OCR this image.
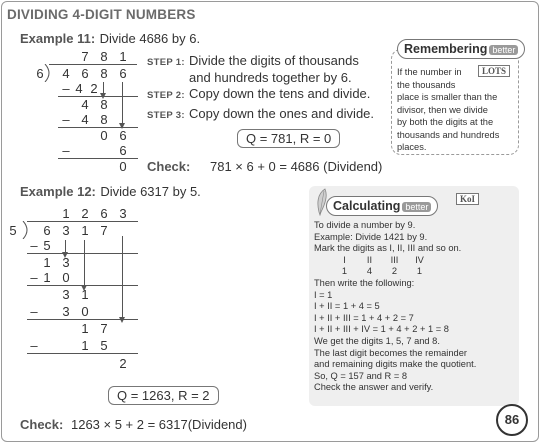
DIVIDING 4-DIGIT NUMBERS
Example 11: Divide 4686 by 6.
7 8 1
6 4 6 8 6
– 4 2
4 8
– 4 8
0 6
–	6
0
STEP 1: Divide the digits of thousands
and hundreds together by 6.
STEP 2: Copy down the tens and divide.
STEP 3: Copy down the ones and divide.
Q = 781, R = 0
Check: 781 × 6 + 0 = 4686 (Dividend)
Example 12: Divide 6317 by 5.
1 2 6 3
5 6 3 1 7
– 5
1 3
– 1 0
3 1
– 3 0
1 7
–	1 5
2
Q = 1263, R = 2
Check: 1263 × 5 + 2 = 6317(Dividend)
Remembering better
LOTS
If the number in
the thousands
place is smaller than the
divisor, then we divide
by both the digits at the
thousands and hundreds
places.
Calculating better
KoI
To divide a number by 9.
Example: Divide 1421 by 9.
Mark the digits as I, II, III and so on.
I II III IV
1 4 2 1
Then write the following:
I = 1
I + II = 1 + 4 = 5
I + II + III = 1 + 4 + 2 = 7
I + II + III + IV = 1 + 4 + 2 + 1 = 8
We get the digits 1, 5, 7 and 8.
The last digit becomes the remainder
and remaining digits make the quotient.
So, Q = 157 and R = 8
Check the answer and verify.
86
